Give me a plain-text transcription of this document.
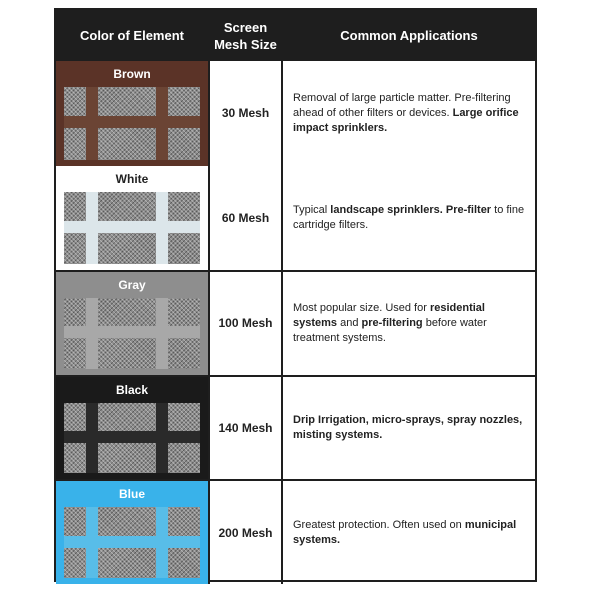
Color of Element
Screen
Mesh Size
Common Applications
Brown
30 Mesh
Removal of large particle matter. Pre-filtering ahead of other filters or devices. Large orifice impact sprinklers.
White
60 Mesh
Typical landscape sprinklers. Pre-filter to fine cartridge filters.
Gray
100 Mesh
Most popular size. Used for residential systems and pre-filtering before water treatment systems.
Black
140 Mesh
Drip Irrigation, micro-sprays, spray nozzles, misting systems.
Blue
200 Mesh
Greatest protection. Often used on municipal systems.
